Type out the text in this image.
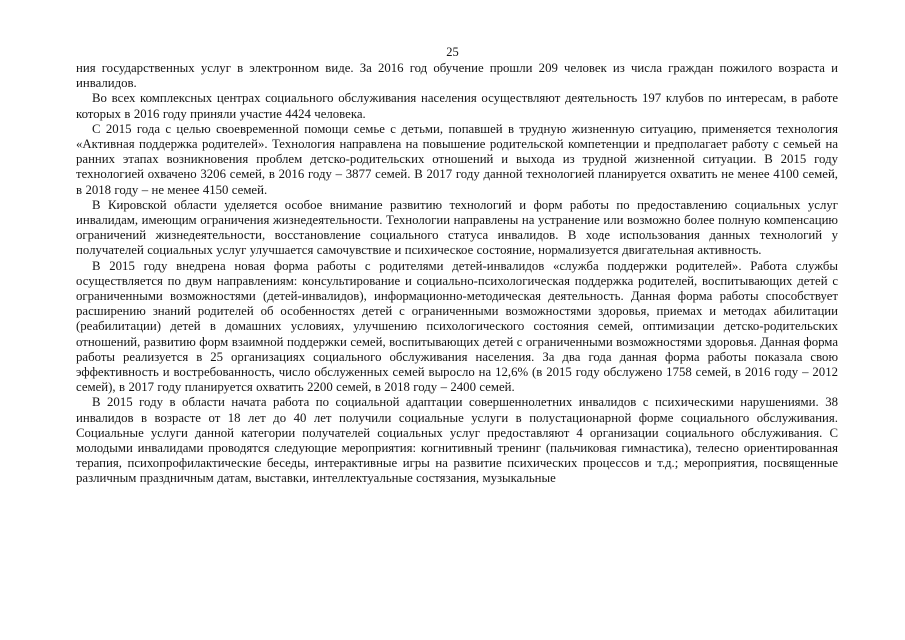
25

ния государственных услуг в электронном виде. За 2016 год обучение прошли 209 человек из числа граждан пожилого возраста и инвалидов.

Во всех комплексных центрах социального обслуживания населения осуществляют деятельность 197 клубов по интересам, в работе которых в 2016 году приняли участие 4424 человека.

С 2015 года с целью своевременной помощи семье с детьми, попавшей в трудную жизненную ситуацию, применяется технология «Активная поддержка родителей». Технология направлена на повышение родительской компетенции и предполагает работу с семьей на ранних этапах возникновения проблем детско-родительских отношений и выхода из трудной жизненной ситуации. В 2015 году технологией охвачено 3206 семей, в 2016 году – 3877 семей. В 2017 году данной технологией планируется охватить не менее 4100 семей, в 2018 году – не менее 4150 семей.

В Кировской области уделяется особое внимание развитию технологий и форм работы по предоставлению социальных услуг инвалидам, имеющим ограничения жизнедеятельности. Технологии направлены на устранение или возможно более полную компенсацию ограничений жизнедеятельности, восстановление социального статуса инвалидов. В ходе использования данных технологий у получателей социальных услуг улучшается самочувствие и психическое состояние, нормализуется двигательная активность.

В 2015 году внедрена новая форма работы с родителями детей-инвалидов «служба поддержки родителей». Работа службы осуществляется по двум направлениям: консультирование и социально-психологическая поддержка родителей, воспитывающих детей с ограниченными возможностями (детей-инвалидов), информационно-методическая деятельность. Данная форма работы способствует расширению знаний родителей об особенностях детей с ограниченными возможностями здоровья, приемах и методах абилитации (реабилитации) детей в домашних условиях, улучшению психологического состояния семей, оптимизации детско-родительских отношений, развитию форм взаимной поддержки семей, воспитывающих детей с ограниченными возможностями здоровья. Данная форма работы реализуется в 25 организациях социального обслуживания населения. За два года данная форма работы показала свою эффективность и востребованность, число обслуженных семей выросло на 12,6% (в 2015 году обслужено 1758 семей, в 2016 году – 2012 семей), в 2017 году планируется охватить 2200 семей, в 2018 году – 2400 семей.

В 2015 году в области начата работа по социальной адаптации совершеннолетних инвалидов с психическими нарушениями. 38 инвалидов в возрасте от 18 лет до 40 лет получили социальные услуги в полустационарной форме социального обслуживания. Социальные услуги данной категории получателей социальных услуг предоставляют 4 организации социального обслуживания. С молодыми инвалидами проводятся следующие мероприятия: когнитивный тренинг (пальчиковая гимнастика), телесно ориентированная терапия, психопрофилактические беседы, интерактивные игры на развитие психических процессов и т.д.; мероприятия, посвященные различным праздничным датам, выставки, интеллектуальные состязания, музыкальные
